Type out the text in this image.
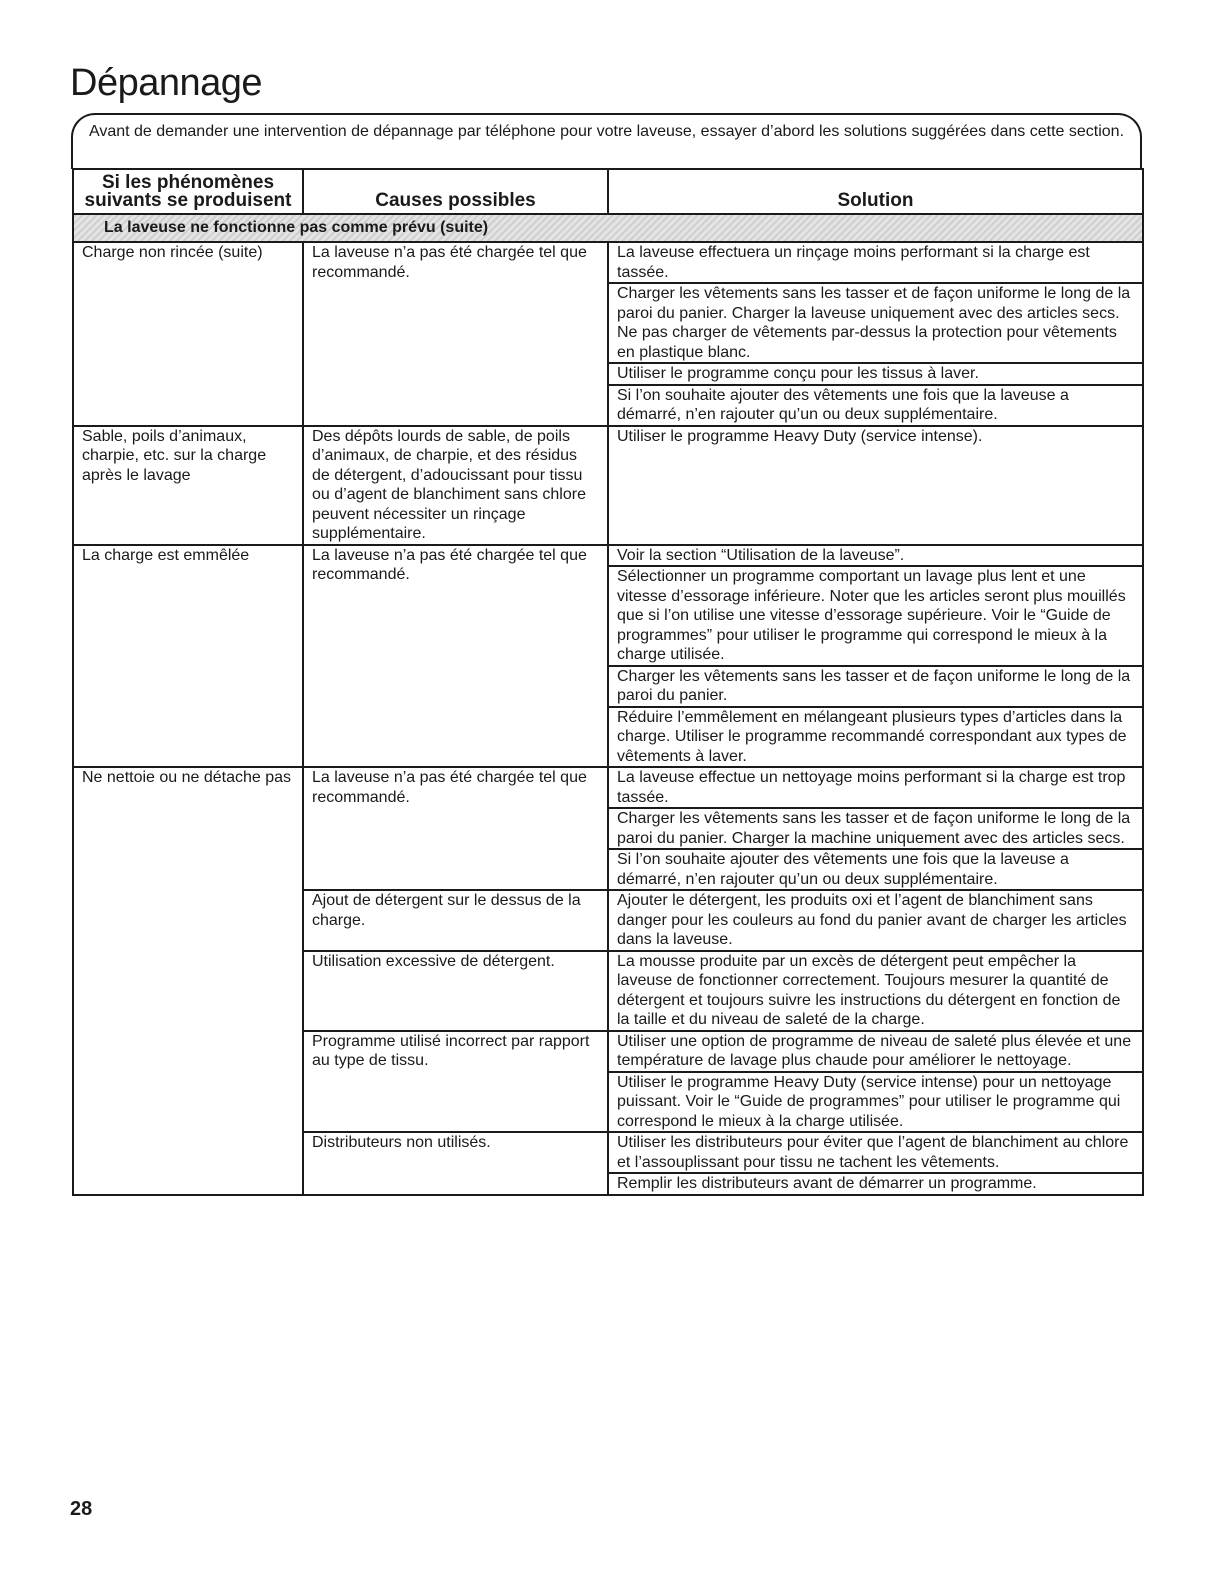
Dépannage
Avant de demander une intervention de dépannage par téléphone pour votre laveuse, essayer d’abord les solutions suggérées dans cette section.
Si les phénomènes suivants se produisent	Causes possibles	Solution
La laveuse ne fonctionne pas comme prévu (suite)		
Charge non rincée (suite)	La laveuse n’a pas été chargée tel que recommandé.	La laveuse effectuera un rinçage moins performant si la charge est tassée.
		Charger les vêtements sans les tasser et de façon uniforme le long de la paroi du panier. Charger la laveuse uniquement avec des articles secs. Ne pas charger de vêtements par-dessus la protection pour vêtements en plastique blanc.
		Utiliser le programme conçu pour les tissus à laver.
		Si l’on souhaite ajouter des vêtements une fois que la laveuse a démarré, n’en rajouter qu’un ou deux supplémentaire.
Sable, poils d’animaux, charpie, etc. sur la charge après le lavage	Des dépôts lourds de sable, de poils d’animaux, de charpie, et des résidus de détergent, d’adoucissant pour tissu ou d’agent de blanchiment sans chlore peuvent nécessiter un rinçage supplémentaire.	Utiliser le programme Heavy Duty (service intense).
La charge est emmêlée	La laveuse n’a pas été chargée tel que recommandé.	Voir la section “Utilisation de la laveuse”.
		Sélectionner un programme comportant un lavage plus lent et une vitesse d’essorage inférieure. Noter que les articles seront plus mouillés que si l’on utilise une vitesse d’essorage supérieure. Voir le “Guide de programmes” pour utiliser le programme qui correspond le mieux à la charge utilisée.
		Charger les vêtements sans les tasser et de façon uniforme le long de la paroi du panier.
		Réduire l’emmêlement en mélangeant plusieurs types d’articles dans la charge. Utiliser le programme recommandé correspondant aux types de vêtements à laver.
Ne nettoie ou ne détache pas	La laveuse n’a pas été chargée tel que recommandé.	La laveuse effectue un nettoyage moins performant si la charge est trop tassée.
		Charger les vêtements sans les tasser et de façon uniforme le long de la paroi du panier. Charger la machine uniquement avec des articles secs.
		Si l’on souhaite ajouter des vêtements une fois que la laveuse a démarré, n’en rajouter qu’un ou deux supplémentaire.
	Ajout de détergent sur le dessus de la charge.	Ajouter le détergent, les produits oxi et l’agent de blanchiment sans danger pour les couleurs au fond du panier avant de charger les articles dans la laveuse.
	Utilisation excessive de détergent.	La mousse produite par un excès de détergent peut empêcher la laveuse de fonctionner correctement. Toujours mesurer la quantité de détergent et toujours suivre les instructions du détergent en fonction de la taille et du niveau de saleté de la charge.
	Programme utilisé incorrect par rapport au type de tissu.	Utiliser une option de programme de niveau de saleté plus élevée et une température de lavage plus chaude pour améliorer le nettoyage.
		Utiliser le programme Heavy Duty (service intense) pour un nettoyage puissant. Voir le “Guide de programmes” pour utiliser le programme qui correspond le mieux à la charge utilisée.
	Distributeurs non utilisés.	Utiliser les distributeurs pour éviter que l’agent de blanchiment au chlore et l’assouplissant pour tissu ne tachent les vêtements.
		Remplir les distributeurs avant de démarrer un programme.
28
